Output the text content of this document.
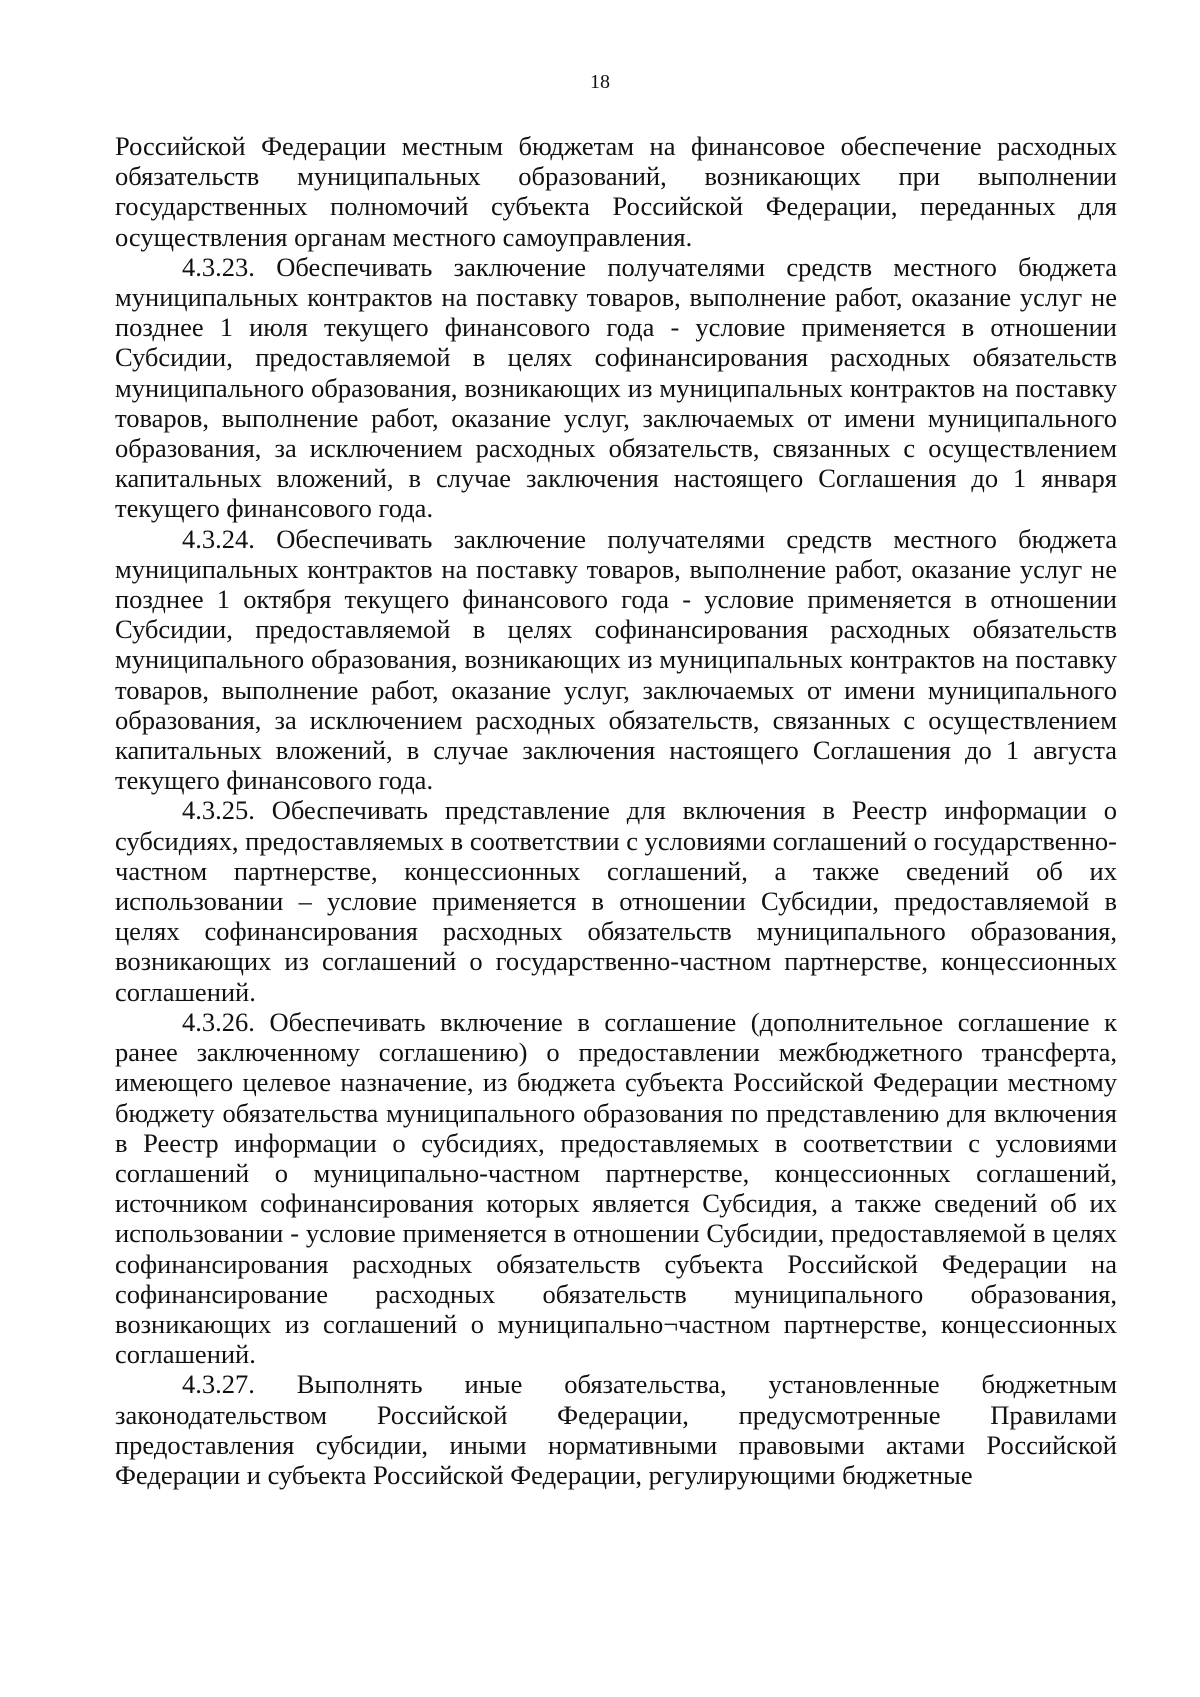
18

Российской Федерации местным бюджетам на финансовое обеспечение расходных обязательств муниципальных образований, возникающих при выполнении государственных полномочий субъекта Российской Федерации, переданных для осуществления органам местного самоуправления.

4.3.23. Обеспечивать заключение получателями средств местного бюджета муниципальных контрактов на поставку товаров, выполнение работ, оказание услуг не позднее 1 июля текущего финансового года - условие применяется в отношении Субсидии, предоставляемой в целях софинансирования расходных обязательств муниципального образования, возникающих из муниципальных контрактов на поставку товаров, выполнение работ, оказание услуг, заключаемых от имени муниципального образования, за исключением расходных обязательств, связанных с осуществлением капитальных вложений, в случае заключения настоящего Соглашения до 1 января текущего финансового года.

4.3.24. Обеспечивать заключение получателями средств местного бюджета муниципальных контрактов на поставку товаров, выполнение работ, оказание услуг не позднее 1 октября текущего финансового года - условие применяется в отношении Субсидии, предоставляемой в целях софинансирования расходных обязательств муниципального образования, возникающих из муниципальных контрактов на поставку товаров, выполнение работ, оказание услуг, заключаемых от имени муниципального образования, за исключением расходных обязательств, связанных с осуществлением капитальных вложений, в случае заключения настоящего Соглашения до 1 августа текущего финансового года.

4.3.25. Обеспечивать представление для включения в Реестр информации о субсидиях, предоставляемых в соответствии с условиями соглашений о государственно-частном партнерстве, концессионных соглашений, а также сведений об их использовании – условие применяется в отношении Субсидии, предоставляемой в целях софинансирования расходных обязательств муниципального образования, возникающих из соглашений о государственно-частном партнерстве, концессионных соглашений.

4.3.26. Обеспечивать включение в соглашение (дополнительное соглашение к ранее заключенному соглашению) о предоставлении межбюджетного трансферта, имеющего целевое назначение, из бюджета субъекта Российской Федерации местному бюджету обязательства муниципального образования по представлению для включения в Реестр информации о субсидиях, предоставляемых в соответствии с условиями соглашений о муниципально-частном партнерстве, концессионных соглашений, источником софинансирования которых является Субсидия, а также сведений об их использовании - условие применяется в отношении Субсидии, предоставляемой в целях софинансирования расходных обязательств субъекта Российской Федерации на софинансирование расходных обязательств муниципального образования, возникающих из соглашений о муниципально¬частном партнерстве, концессионных соглашений.

4.3.27. Выполнять иные обязательства, установленные бюджетным законодательством Российской Федерации, предусмотренные Правилами предоставления субсидии, иными нормативными правовыми актами Российской Федерации и субъекта Российской Федерации, регулирующими бюджетные
